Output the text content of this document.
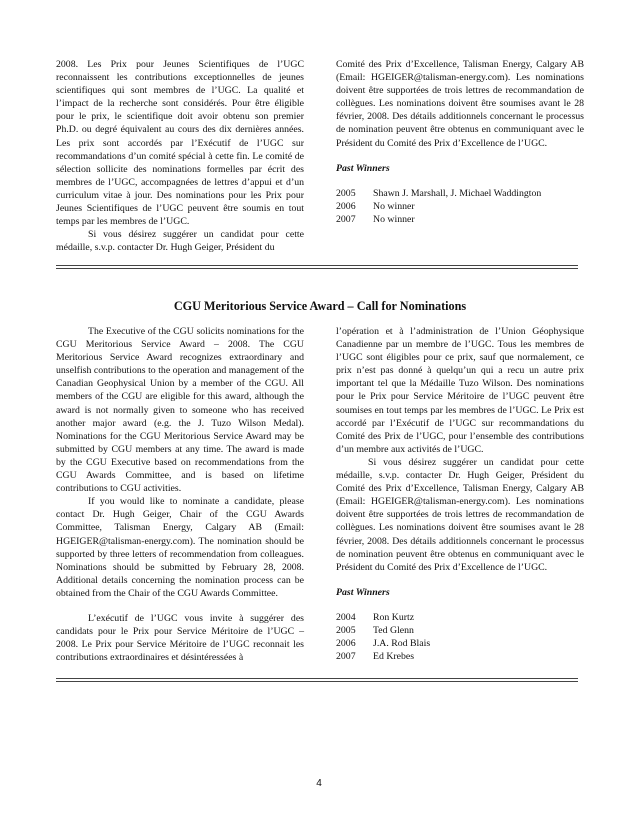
2008. Les Prix pour Jeunes Scientifiques de l’UGC reconnaissent les contributions exceptionnelles de jeunes scientifiques qui sont membres de l’UGC. La qualité et l’impact de la recherche sont considérés. Pour être éligible pour le prix, le scientifique doit avoir obtenu son premier Ph.D. ou degré équivalent au cours des dix dernières années. Les prix sont accordés par l’Exécutif de l’UGC sur recommandations d’un comité spécial à cette fin. Le comité de sélection sollicite des nominations formelles par écrit des membres de l’UGC, accompagnées de lettres d’appui et d’un curriculum vitae à jour. Des nominations pour les Prix pour Jeunes Scientifiques de l’UGC peuvent être soumis en tout temps par les membres de l’UGC.

Si vous désirez suggérer un candidat pour cette médaille, s.v.p. contacter Dr. Hugh Geiger, Président du

Comité des Prix d’Excellence, Talisman Energy, Calgary AB (Email: HGEIGER@talisman-energy.com). Les nominations doivent être supportées de trois lettres de recommandation de collègues. Les nominations doivent être soumises avant le 28 février, 2008. Des détails additionnels concernant le processus de nomination peuvent être obtenus en communiquant avec le Président du Comité des Prix d’Excellence de l’UGC.

Past Winners

2005	Shawn J. Marshall, J. Michael Waddington
2006	No winner
2007	No winner
CGU Meritorious Service Award – Call for Nominations

The Executive of the CGU solicits nominations for the CGU Meritorious Service Award – 2008. The CGU Meritorious Service Award recognizes extraordinary and unselfish contributions to the operation and management of the Canadian Geophysical Union by a member of the CGU. All members of the CGU are eligible for this award, although the award is not normally given to someone who has received another major award (e.g. the J. Tuzo Wilson Medal). Nominations for the CGU Meritorious Service Award may be submitted by CGU members at any time. The award is made by the CGU Executive based on recommendations from the CGU Awards Committee, and is based on lifetime contributions to CGU activities.

If you would like to nominate a candidate, please contact Dr. Hugh Geiger, Chair of the CGU Awards Committee, Talisman Energy, Calgary AB (Email: HGEIGER@talisman-energy.com). The nomination should be supported by three letters of recommendation from colleagues. Nominations should be submitted by February 28, 2008. Additional details concerning the nomination process can be obtained from the Chair of the CGU Awards Committee.

L’exécutif de l’UGC vous invite à suggérer des candidats pour le Prix pour Service Méritoire de l’UGC – 2008. Le Prix pour Service Méritoire de l’UGC reconnait les contributions extraordinaires et désintéressées à

l’opération et à l’administration de l’Union Géophysique Canadienne par un membre de l’UGC. Tous les membres de l’UGC sont éligibles pour ce prix, sauf que normalement, ce prix n’est pas donné à quelqu’un qui a recu un autre prix important tel que la Médaille Tuzo Wilson. Des nominations pour le Prix pour Service Méritoire de l’UGC peuvent être soumises en tout temps par les membres de l’UGC. Le Prix est accordé par l’Exécutif de l’UGC sur recommandations du Comité des Prix de l’UGC, pour l’ensemble des contributions d’un membre aux activités de l’UGC.

Si vous désirez suggérer un candidat pour cette médaille, s.v.p. contacter Dr. Hugh Geiger, Président du Comité des Prix d’Excellence, Talisman Energy, Calgary AB (Email: HGEIGER@talisman-energy.com). Les nominations doivent être supportées de trois lettres de recommandation de collègues. Les nominations doivent être soumises avant le 28 février, 2008. Des détails additionnels concernant le processus de nomination peuvent être obtenus en communiquant avec le Président du Comité des Prix d’Excellence de l’UGC.

Past Winners

2004	Ron Kurtz
2005	Ted Glenn
2006	J.A. Rod Blais
2007	Ed Krebes
4
